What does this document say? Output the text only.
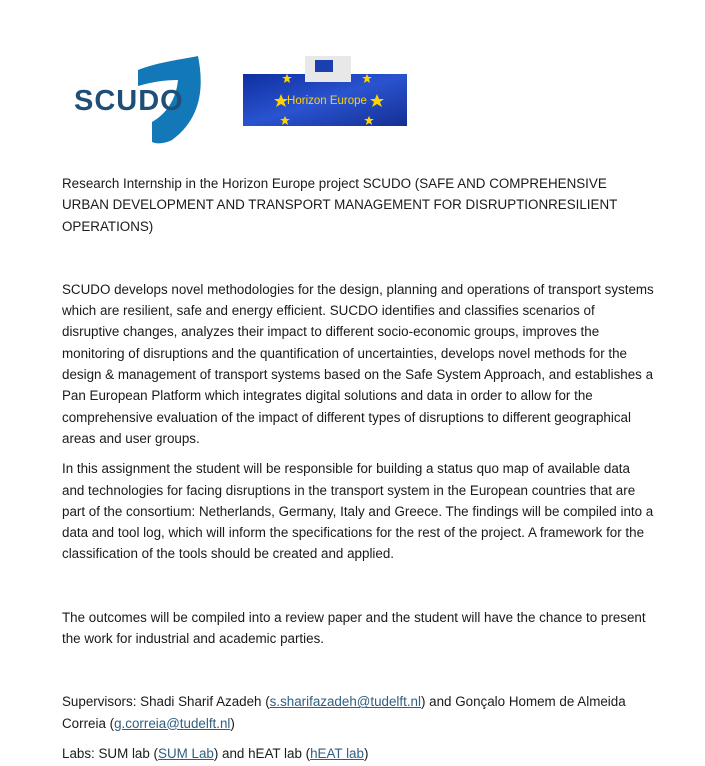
SCUDO	Horizon Europe

Research Internship in the Horizon Europe project SCUDO (SAFE AND COMPREHENSIVE URBAN DEVELOPMENT AND TRANSPORT MANAGEMENT FOR DISRUPTIONRESILIENT OPERATIONS)

SCUDO develops novel methodologies for the design, planning and operations of transport systems which are resilient, safe and energy efficient. SUCDO identifies and classifies scenarios of disruptive changes, analyzes their impact to different socio-economic groups, improves the monitoring of disruptions and the quantification of uncertainties, develops novel methods for the design & management of transport systems based on the Safe System Approach, and establishes a Pan European Platform which integrates digital solutions and data in order to allow for the comprehensive evaluation of the impact of different types of disruptions to different geographical areas and user groups.

In this assignment the student will be responsible for building a status quo map of available data and technologies for facing disruptions in the transport system in the European countries that are part of the consortium: Netherlands, Germany, Italy and Greece. The findings will be compiled into a data and tool log, which will inform the specifications for the rest of the project. A framework for the classification of the tools should be created and applied.

The outcomes will be compiled into a review paper and the student will have the chance to present the work for industrial and academic parties.

Supervisors: Shadi Sharif Azadeh (s.sharifazadeh@tudelft.nl) and Gonçalo Homem de Almeida Correia (g.correia@tudelft.nl)

Labs: SUM lab (SUM Lab) and hEAT lab (hEAT lab)
